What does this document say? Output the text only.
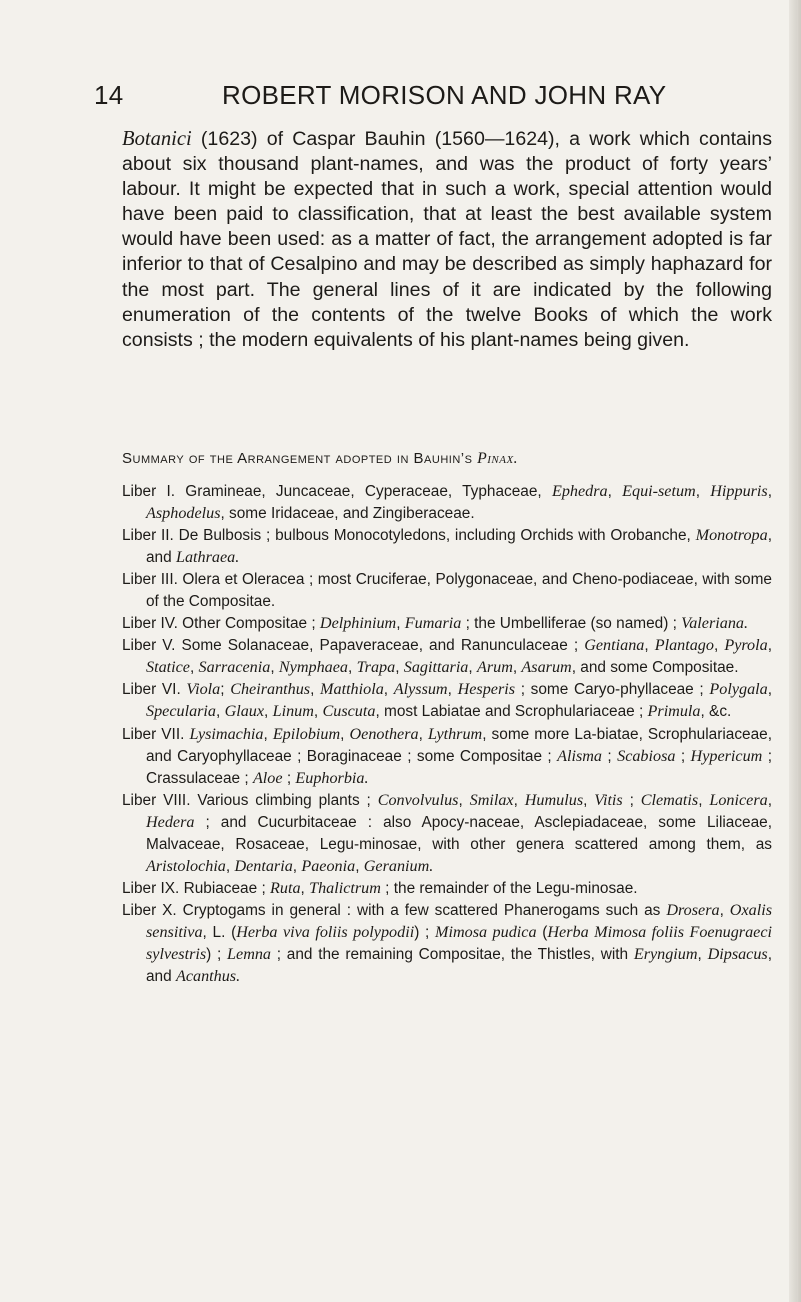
14	ROBERT MORISON AND JOHN RAY

Botanici (1623) of Caspar Bauhin (1560—1624), a work which contains about six thousand plant-names, and was the product of forty years’ labour. It might be expected that in such a work, special attention would have been paid to classification, that at least the best available system would have been used: as a matter of fact, the arrangement adopted is far inferior to that of Cesalpino and may be described as simply haphazard for the most part. The general lines of it are indicated by the following enumeration of the contents of the twelve Books of which the work consists ; the modern equivalents of his plant-names being given.

Summary of the Arrangement adopted in Bauhin’s Pinax.

Liber I. Gramineae, Juncaceae, Cyperaceae, Typhaceae, Ephedra, Equi-setum, Hippuris, Asphodelus, some Iridaceae, and Zingiberaceae.

Liber II. De Bulbosis ; bulbous Monocotyledons, including Orchids with Orobanche, Monotropa, and Lathraea.

Liber III. Olera et Oleracea ; most Cruciferae, Polygonaceae, and Cheno-podiaceae, with some of the Compositae.

Liber IV. Other Compositae ; Delphinium, Fumaria ; the Umbelliferae (so named) ; Valeriana.

Liber V. Some Solanaceae, Papaveraceae, and Ranunculaceae ; Gentiana, Plantago, Pyrola, Statice, Sarracenia, Nymphaea, Trapa, Sagittaria, Arum, Asarum, and some Compositae.

Liber VI. Viola; Cheiranthus, Matthiola, Alyssum, Hesperis ; some Caryo-phyllaceae ; Polygala, Specularia, Glaux, Linum, Cuscuta, most Labiatae and Scrophulariaceae ; Primula, &c.

Liber VII. Lysimachia, Epilobium, Oenothera, Lythrum, some more La-biatae, Scrophulariaceae, and Caryophyllaceae ; Boraginaceae ; some Compositae ; Alisma ; Scabiosa ; Hypericum ; Crassulaceae ; Aloe ; Euphorbia.

Liber VIII. Various climbing plants ; Convolvulus, Smilax, Humulus, Vitis ; Clematis, Lonicera, Hedera ; and Cucurbitaceae : also Apocy-naceae, Asclepiadaceae, some Liliaceae, Malvaceae, Rosaceae, Legu-minosae, with other genera scattered among them, as Aristolochia, Dentaria, Paeonia, Geranium.

Liber IX. Rubiaceae ; Ruta, Thalictrum ; the remainder of the Legu-minosae.

Liber X. Cryptogams in general : with a few scattered Phanerogams such as Drosera, Oxalis sensitiva, L. (Herba viva foliis polypodii) ; Mimosa pudica (Herba Mimosa foliis Foenugraeci sylvestris) ; Lemna ; and the remaining Compositae, the Thistles, with Eryngium, Dipsacus, and Acanthus.
